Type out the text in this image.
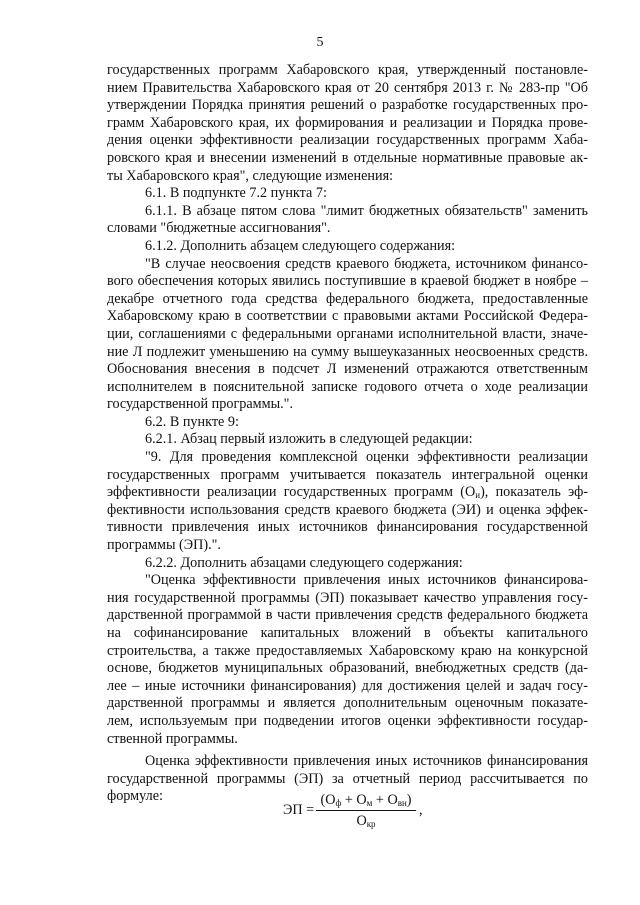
5
государственных программ Хабаровского края, утвержденный постановле-
нием Правительства Хабаровского края от 20 сентября 2013 г. № 283-пр "Об
утверждении Порядка принятия решений о разработке государственных про-
грамм Хабаровского края, их формирования и реализации и Порядка прове-
дения оценки эффективности реализации государственных программ Хаба-
ровского края и внесении изменений в отдельные нормативные правовые ак-
ты Хабаровского края", следующие изменения:
6.1. В подпункте 7.2 пункта 7:
6.1.1. В абзаце пятом слова "лимит бюджетных обязательств" заменить
словами "бюджетные ассигнования".
6.1.2. Дополнить абзацем следующего содержания:
"В случае неосвоения средств краевого бюджета, источником финансо-
вого обеспечения которых явились поступившие в краевой бюджет в ноябре –
декабре отчетного года средства федерального бюджета, предоставленные
Хабаровскому краю в соответствии с правовыми актами Российской Федера-
ции, соглашениями с федеральными органами исполнительной власти, значе-
ние Л подлежит уменьшению на сумму вышеуказанных неосвоенных средств.
Обоснования внесения в подсчет Л изменений отражаются ответственным
исполнителем в пояснительной записке годового отчета о ходе реализации
государственной программы.".
6.2. В пункте 9:
6.2.1. Абзац первый изложить в следующей редакции:
"9. Для проведения комплексной оценки эффективности реализации
государственных программ учитывается показатель интегральной оценки
эффективности реализации государственных программ $(О_и)$, показатель эф-
фективности использования средств краевого бюджета (ЭИ) и оценка эффек-
тивности привлечения иных источников финансирования государственной
программы (ЭП).".
6.2.2. Дополнить абзацами следующего содержания:
"Оценка эффективности привлечения иных источников финансирова-
ния государственной программы (ЭП) показывает качество управления госу-
дарственной программой в части привлечения средств федерального бюджета
на софинансирование капитальных вложений в объекты капитального
строительства, а также предоставляемых Хабаровскому краю на конкурсной
основе, бюджетов муниципальных образований, внебюджетных средств (да-
лее – иные источники финансирования) для достижения целей и задач госу-
дарственной программы и является дополнительным оценочным показате-
лем, используемым при подведении итогов оценки эффективности государ-
ственной программы.
Оценка эффективности привлечения иных источников финансирования
государственной программы (ЭП) за отчетный период рассчитывается по
формуле:
ЭП =
$(О_ф + О_м + О_{вн})$
$О_{кр}$
,
